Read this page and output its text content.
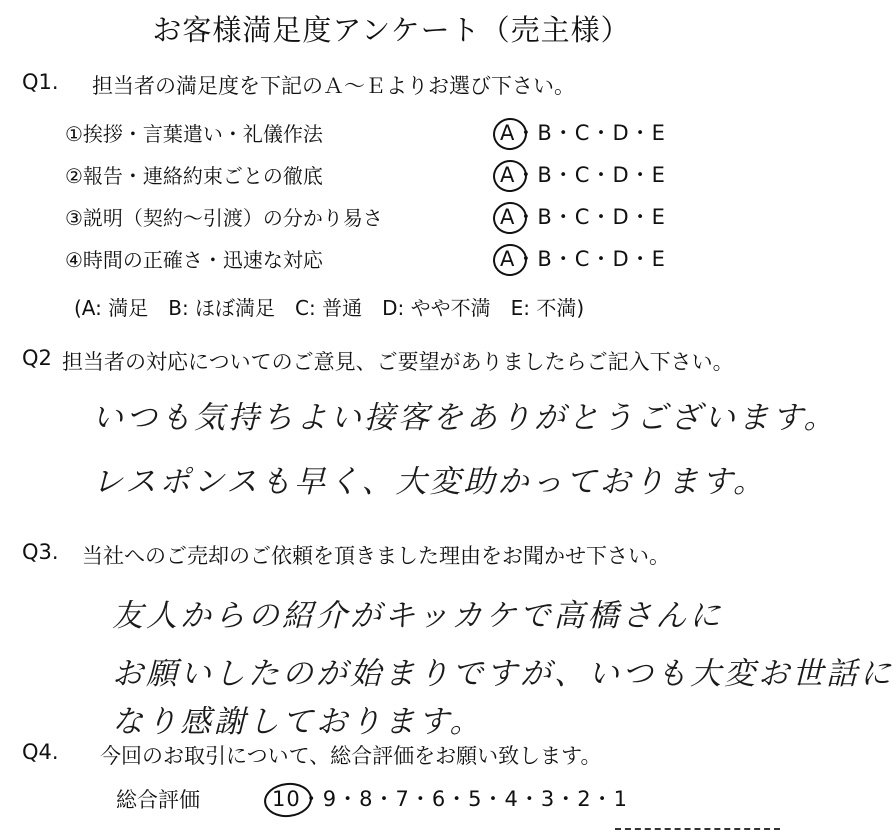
お客様満足度アンケート（売主様）
Q1. 担当者の満足度を下記のＡ～Ｅよりお選び下さい。
①挨拶・言葉遣い・礼儀作法	A・B・C・D・E
②報告・連絡約束ごとの徹底	A・B・C・D・E
③説明（契約～引渡）の分かり易さ	A・B・C・D・E
④時間の正確さ・迅速な対応	A・B・C・D・E
(A: 満足　B: ほぼ満足　C: 普通　D: やや不満　E: 不満)
Q2 担当者の対応についてのご意見、ご要望がありましたらご記入下さい。
いつも気持ちよい接客をありがとうございます。
レスポンスも早く、大変助かっております。
Q3. 当社へのご売却のご依頼を頂きました理由をお聞かせ下さい。
友人からの紹介がキッカケで高橋さんに
お願いしたのが始まりですが、いつも大変お世話に
なり感謝しております。
Q4. 今回のお取引について、総合評価をお願い致します。
総合評価	10・9・8・7・6・5・4・3・2・1
